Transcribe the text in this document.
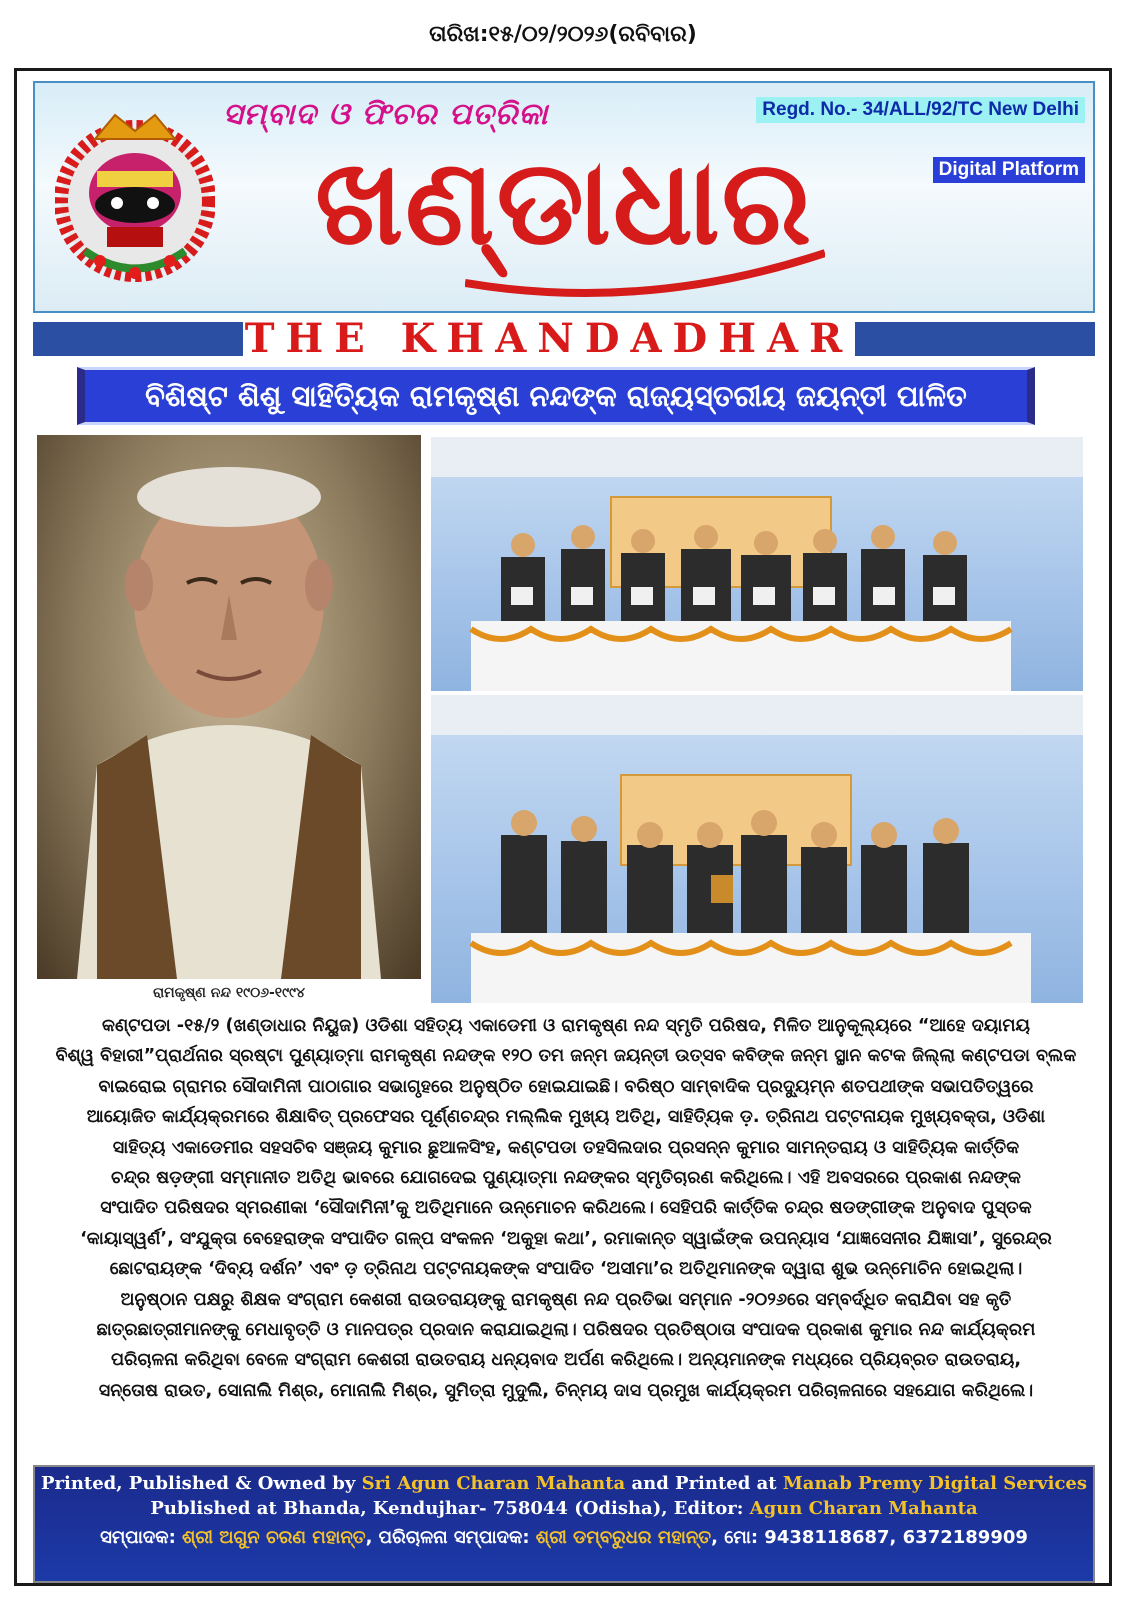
ତାରିଖ:୧୫/୦୨/୨୦୨୬(ରବିବାର)
ସମ୍ବାଦ ଓ ଫିଚର ପତ୍ରିକା
ଖଣ୍ଡାଧାର
Regd. No.- 34/ALL/92/TC New Delhi
Digital Platform
THE KHANDADHAR
ବିଶିଷ୍ଟ ଶିଶୁ ସାହିତ୍ୟିକ ରାମକୃଷ୍ଣ ନନ୍ଦଙ୍କ ରାଜ୍ୟସ୍ତରୀୟ ଜୟନ୍ତୀ ପାଳିତ
ରାମକୃଷ୍ଣ ନନ୍ଦ ୧୯୦୬-୧୯୯୪
କଣ୍ଟପଡା -୧୫/୨ (ଖଣ୍ଡାଧାର ନିୟୁଜ) ଓଡିଶା ସହିତ୍ୟ ଏକାଡେମୀ ଓ ରାମକୃଷ୍ଣ ନନ୍ଦ ସ୍ମୃତି ପରିଷଦ, ମିଳିତ ଆନୁକୂଲ୍ୟରେ “ଆହେ ଦୟାମୟ
ବିଶ୍ୱ ବିହାରୀ”ପ୍ରାର୍ଥନାର ସ୍ରଷ୍ଟା ପୁଣ୍ୟାତ୍ମା ରାମକୃଷ୍ଣ ନନ୍ଦଙ୍କ ୧୨୦ ତମ ଜନ୍ମ ଜୟନ୍ତୀ ଉତ୍ସବ କବିଙ୍କ ଜନ୍ମ ସ୍ଥାନ କଟକ ଜିଲ୍ଲା କଣ୍ଟପଡା ବ୍ଲକ
ବାଇରୋଇ ଗ୍ରାମର ସୌଦାମିନୀ ପାଠାଗାର ସଭାଗୃହରେ ଅନୁଷ୍ଠିତ ହୋଇଯାଇଛି। ବରିଷ୍ଠ ସାମ୍ବାଦିକ ପ୍ରଦ୍ୟୁମ୍ନ ଶତପଥୀଙ୍କ ସଭାପତିତ୍ୱରେ
ଆୟୋଜିତ କାର୍ଯ୍ୟକ୍ରମରେ ଶିକ୍ଷାବିତ୍ ପ୍ରଫେସର ପୂର୍ଣ୍ଣଚନ୍ଦ୍ର ମଲ୍ଲିକ ମୁଖ୍ୟ ଅତିଥି, ସାହିତ୍ୟିକ ଡ଼. ତ୍ରିନାଥ ପଟ୍ଟନାୟକ ମୁଖ୍ୟବକ୍ତା, ଓଡିଶା
ସାହିତ୍ୟ ଏକାଡେମୀର ସହସଚିବ ସଞ୍ଜୟ କୁମାର ଛୁଆଳସିଂହ, କଣ୍ଟପଡା ତହସିଲଦାର ପ୍ରସନ୍ନ କୁମାର ସାମନ୍ତରାୟ ଓ ସାହିତ୍ୟିକ କାର୍ତ୍ତିକ
ଚନ୍ଦ୍ର ଷଡ଼ଙ୍ଗୀ ସମ୍ମାନୀତ ଅତିଥି ଭାବରେ ଯୋଗଦେଇ ପୁଣ୍ୟାତ୍ମା ନନ୍ଦଙ୍କର ସ୍ମୃତିଚାରଣ କରିଥିଲେ। ଏହି ଅବସରରେ ପ୍ରକାଶ ନନ୍ଦଙ୍କ
ସଂପାଦିତ ପରିଷଦର ସ୍ମରଣୀକା ‘ସୌଦାମିନୀ’କୁ ଅତିଥିମାନେ ଉନ୍ମୋଚନ କରିଥଲେ। ସେହିପରି କାର୍ତ୍ତିକ ଚନ୍ଦ୍ର ଷଡଙ୍ଗୀଙ୍କ ଅନୁବାଦ ପୁସ୍ତକ
‘କାୟାସ୍ୱର୍ଣ’, ସଂଯୁକ୍ତା ବେହେରାଙ୍କ ସଂପାଦିତ ଗଳ୍ପ ସଂକଳନ ‘ଅକୁହା କଥା’, ରମାକାନ୍ତ ସ୍ୱାଇଁଙ୍କ ଉପନ୍ୟାସ ‘ଯାଜ୍ଞସେନୀର ଯିଜ୍ଞାସା’, ସୁରେନ୍ଦ୍ର
ଛୋଟରାୟଙ୍କ ‘ଦିବ୍ୟ ଦର୍ଶନ’ ଏବଂ ଡ଼ ତ୍ରିନାଥ ପଟ୍ଟନାୟକଙ୍କ ସଂପାଦିତ ‘ଅସୀମା’ର ଅତିଥିମାନଙ୍କ ଦ୍ୱାରା ଶୁଭ ଉନ୍ମୋଚିନ ହୋଇଥିଲା।
ଅନୁଷ୍ଠାନ ପକ୍ଷରୁ ଶିକ୍ଷକ ସଂଗ୍ରାମ କେଶରୀ ରାଉତରାୟଙ୍କୁ ରାମକୃଷ୍ଣ ନନ୍ଦ ପ୍ରତିଭା ସମ୍ମାନ -୨୦୨୬ରେ ସମ୍ବର୍ଦ୍ଧିତ କରାଯିବା ସହ କୃତି
ଛାତ୍ରଛାତ୍ରୀମାନଙ୍କୁ ମେଧାବୃତ୍ତି ଓ ମାନପତ୍ର ପ୍ରଦାନ କରାଯାଇଥିଲା। ପରିଷଦର ପ୍ରତିଷ୍ଠାତା ସଂପାଦକ ପ୍ରକାଶ କୁମାର ନନ୍ଦ କାର୍ଯ୍ୟକ୍ରମ
ପରିଚାଳନା କରିଥିବା ବେଳେ ସଂଗ୍ରାମ କେଶରୀ ରାଉତରାୟ ଧନ୍ୟବାଦ ଅର୍ପଣ କରିଥିଲେ। ଅନ୍ୟମାନଙ୍କ ମଧ୍ୟରେ ପ୍ରିୟବ୍ରତ ରାଉତରାୟ,
ସନ୍ତୋଷ ରାଉତ, ସୋନାଲି ମିଶ୍ର, ମୋନାଲି ମିଶ୍ର, ସୁମିତ୍ରା ମୁଦୁଲି, ଚିନ୍ମୟ ଦାସ ପ୍ରମୁଖ କାର୍ଯ୍ୟକ୍ରମ ପରିଚାଳନାରେ ସହଯୋଗ କରିଥିଲେ।
Printed, Published & Owned by Sri Agun Charan Mahanta and Printed at Manab Premy Digital Services
Published at Bhanda, Kendujhar- 758044 (Odisha), Editor: Agun Charan Mahanta
ସମ୍ପାଦକ: ଶ୍ରୀ ଅଗୁନ ଚରଣ ମହାନ୍ତ, ପରିଚାଳନା ସମ୍ପାଦକ: ଶ୍ରୀ ଡମ୍ବରୁଧର ମହାନ୍ତ, ମୋ: 9438118687, 6372189909
